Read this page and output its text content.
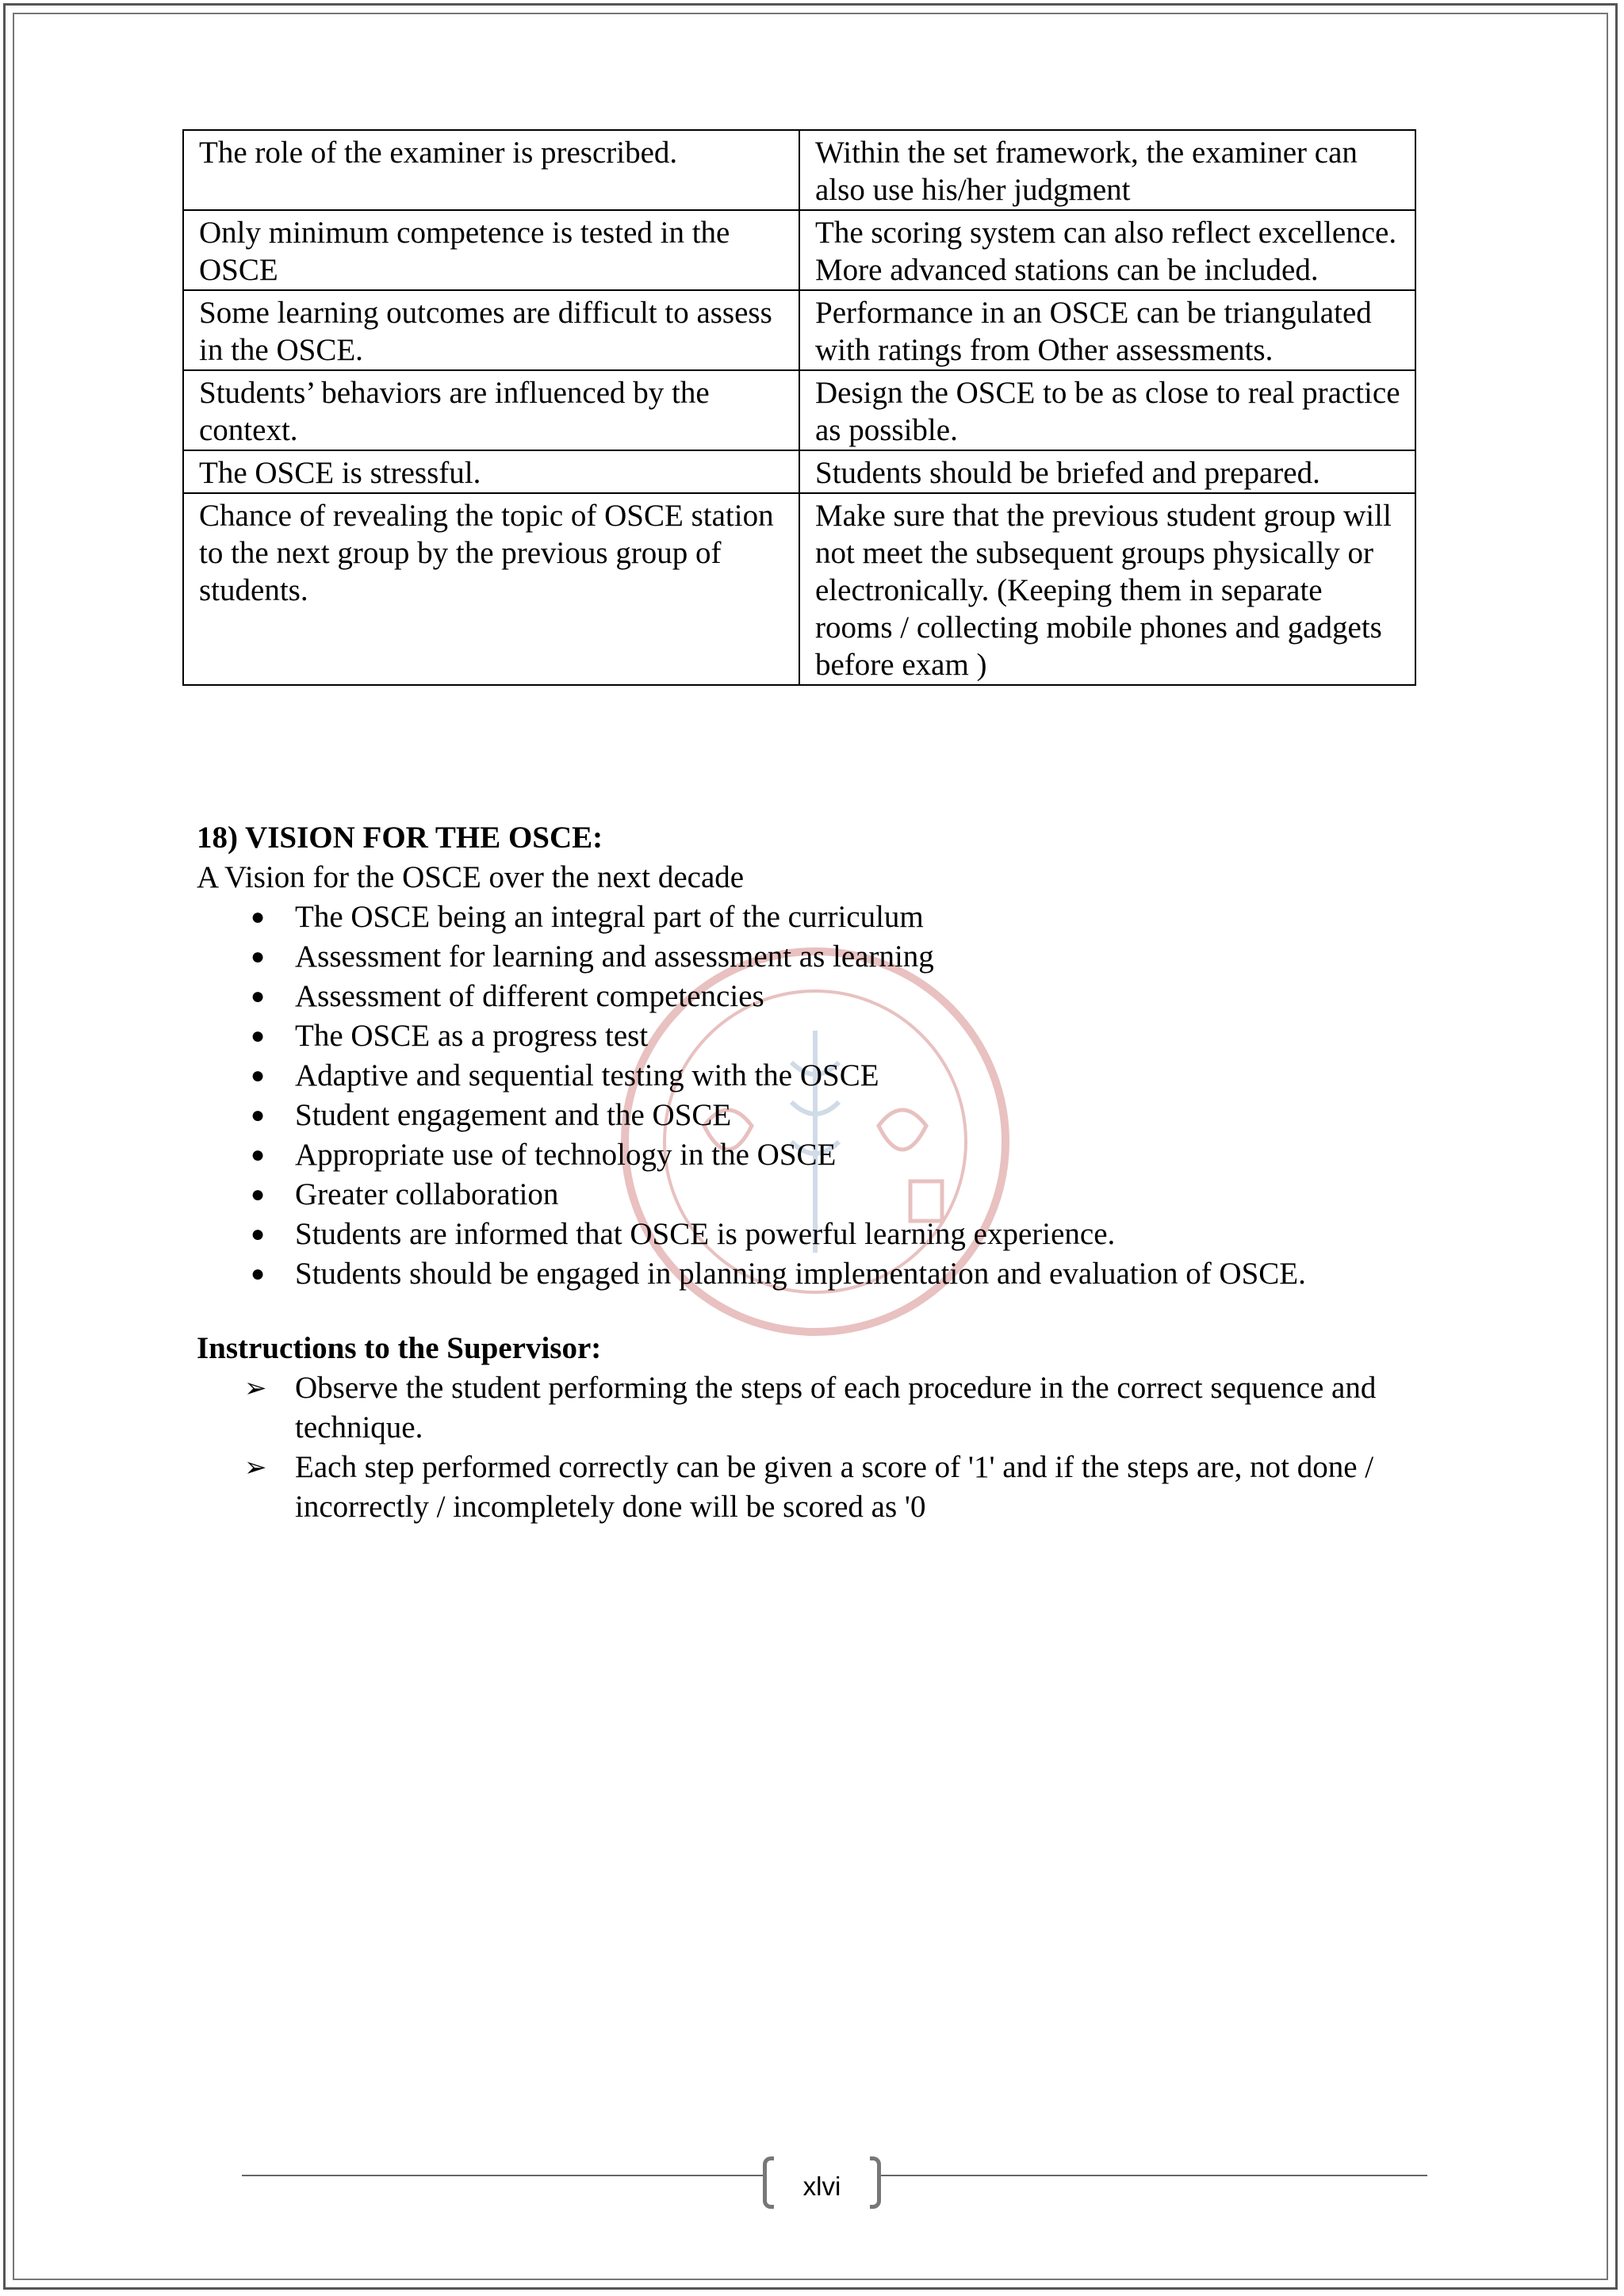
The role of the examiner is prescribed.	Within the set framework, the examiner can also use his/her judgment
Only minimum competence is tested in the OSCE	The scoring system can also reflect excellence. More advanced stations can be included.
Some learning outcomes are difficult to assess in the OSCE.	Performance in an OSCE can be triangulated with ratings from Other assessments.
Students’ behaviors are influenced by the context.	Design the OSCE to be as close to real practice as possible.
The OSCE is stressful.	Students should be briefed and prepared.
Chance of revealing the topic of OSCE station to the next group by the previous group of students.	Make sure that the previous student group will not meet the subsequent groups physically or electronically. (Keeping them in separate rooms / collecting mobile phones and gadgets before exam )

18) VISION FOR THE OSCE:

A Vision for the OSCE over the next decade

● The OSCE being an integral part of the curriculum
● Assessment for learning and assessment as learning
● Assessment of different competencies
● The OSCE as a progress test
● Adaptive and sequential testing with the OSCE
● Student engagement and the OSCE
● Appropriate use of technology in the OSCE
● Greater collaboration
● Students are informed that OSCE is powerful learning experience.
● Students should be engaged in planning implementation and evaluation of OSCE.

Instructions to the Supervisor:

➢ Observe the student performing the steps of each procedure in the correct sequence and technique.
➢ Each step performed correctly can be given a score of '1' and if the steps are, not done / incorrectly / incompletely done will be scored as '0
xlvi
